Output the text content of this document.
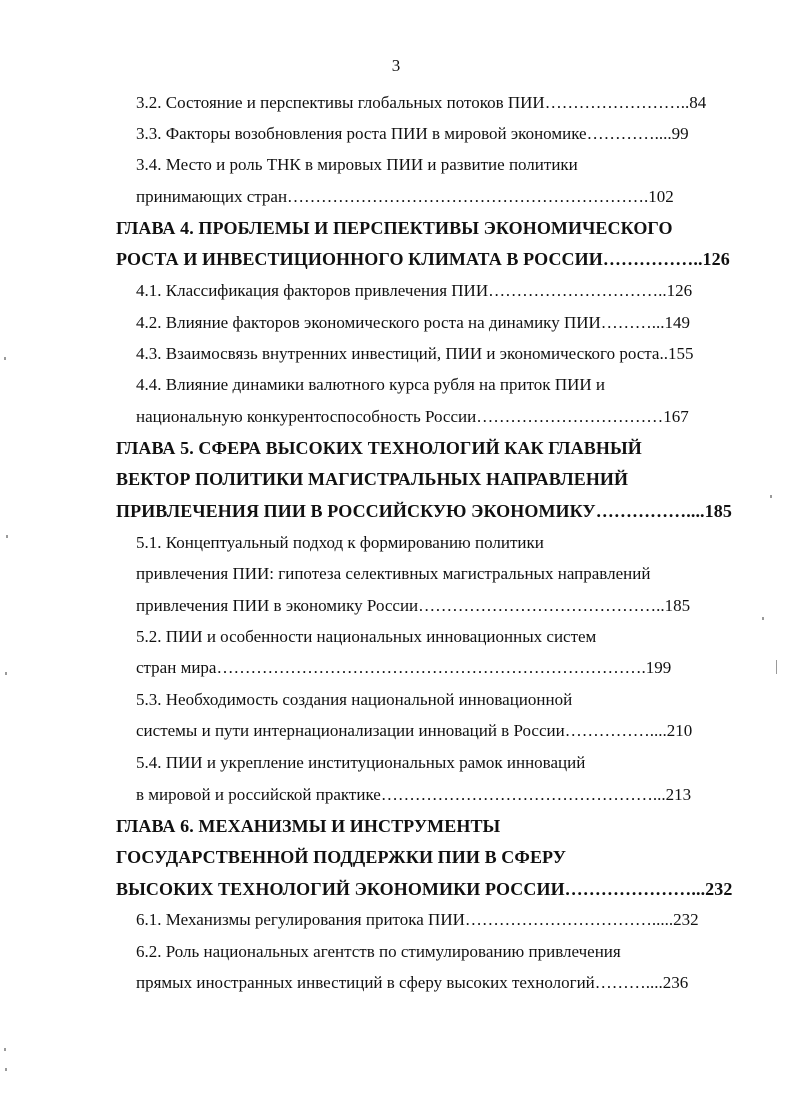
3
3.2. Состояние и перспективы глобальных потоков ПИИ……………………..84
3.3. Факторы возобновления роста ПИИ в мировой экономике…………....99
3.4. Место и роль ТНК в мировых ПИИ и развитие политики
принимающих стран……………………………………………………….102
ГЛАВА 4. ПРОБЛЕМЫ И ПЕРСПЕКТИВЫ ЭКОНОМИЧЕСКОГО
РОСТА И ИНВЕСТИЦИОННОГО КЛИМАТА В РОССИИ……………..126
4.1. Классификация факторов привлечения ПИИ…………………………..126
4.2. Влияние факторов экономического роста на динамику ПИИ………...149
4.3. Взаимосвязь внутренних инвестиций, ПИИ и экономического роста..155
4.4. Влияние динамики валютного курса рубля на приток ПИИ и
национальную конкурентоспособность России……………………………167
ГЛАВА 5. СФЕРА ВЫСОКИХ ТЕХНОЛОГИЙ КАК ГЛАВНЫЙ
ВЕКТОР ПОЛИТИКИ МАГИСТРАЛЬНЫХ НАПРАВЛЕНИЙ
ПРИВЛЕЧЕНИЯ ПИИ В РОССИЙСКУЮ ЭКОНОМИКУ……………....185
5.1. Концептуальный подход к формированию политики
привлечения ПИИ: гипотеза селективных магистральных направлений
привлечения ПИИ в экономику России……………………………………..185
5.2. ПИИ и особенности национальных инновационных систем
стран мира………………………………………………………………….199
5.3. Необходимость создания национальной инновационной
системы и пути интернационализации инноваций в России……………....210
5.4. ПИИ и укрепление институциональных рамок инноваций
в мировой и российской практике…………………………………………...213
ГЛАВА 6. МЕХАНИЗМЫ И ИНСТРУМЕНТЫ
ГОСУДАРСТВЕННОЙ ПОДДЕРЖКИ ПИИ В СФЕРУ
ВЫСОКИХ ТЕХНОЛОГИЙ ЭКОНОМИКИ РОССИИ…………………...232
6.1. Механизмы регулирования притока ПИИ…………………………….....232
6.2. Роль национальных агентств по стимулированию привлечения
прямых иностранных инвестиций в сферу высоких технологий………....236
